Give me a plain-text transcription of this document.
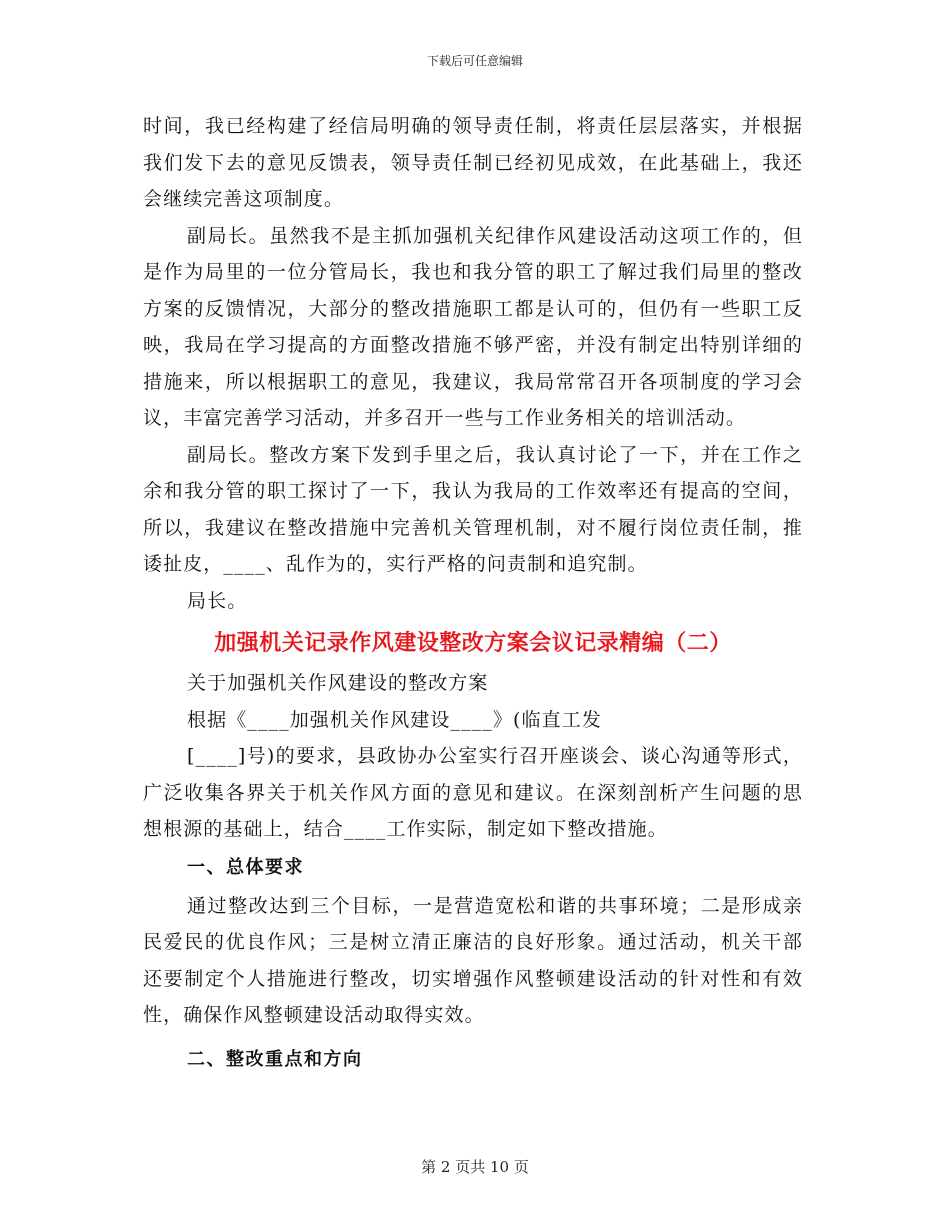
下载后可任意编辑

时间，我已经构建了经信局明确的领导责任制，将责任层层落实，并根据我们发下去的意见反馈表，领导责任制已经初见成效，在此基础上，我还会继续完善这项制度。

副局长。虽然我不是主抓加强机关纪律作风建设活动这项工作的，但是作为局里的一位分管局长，我也和我分管的职工了解过我们局里的整改方案的反馈情况，大部分的整改措施职工都是认可的，但仍有一些职工反映，我局在学习提高的方面整改措施不够严密，并没有制定出特别详细的措施来，所以根据职工的意见，我建议，我局常常召开各项制度的学习会议，丰富完善学习活动，并多召开一些与工作业务相关的培训活动。

副局长。整改方案下发到手里之后，我认真讨论了一下，并在工作之余和我分管的职工探讨了一下，我认为我局的工作效率还有提高的空间，所以，我建议在整改措施中完善机关管理机制，对不履行岗位责任制，推诿扯皮，____、乱作为的，实行严格的问责制和追究制。

局长。

加强机关记录作风建设整改方案会议记录精编（二）

关于加强机关作风建设的整改方案

根据《____加强机关作风建设____》(临直工发

[____]号)的要求，县政协办公室实行召开座谈会、谈心沟通等形式，广泛收集各界关于机关作风方面的意见和建议。在深刻剖析产生问题的思想根源的基础上，结合____工作实际，制定如下整改措施。

一、总体要求

通过整改达到三个目标，一是营造宽松和谐的共事环境；二是形成亲民爱民的优良作风；三是树立清正廉洁的良好形象。通过活动，机关干部还要制定个人措施进行整改，切实增强作风整顿建设活动的针对性和有效性，确保作风整顿建设活动取得实效。

二、整改重点和方向

第 2 页共 10 页
